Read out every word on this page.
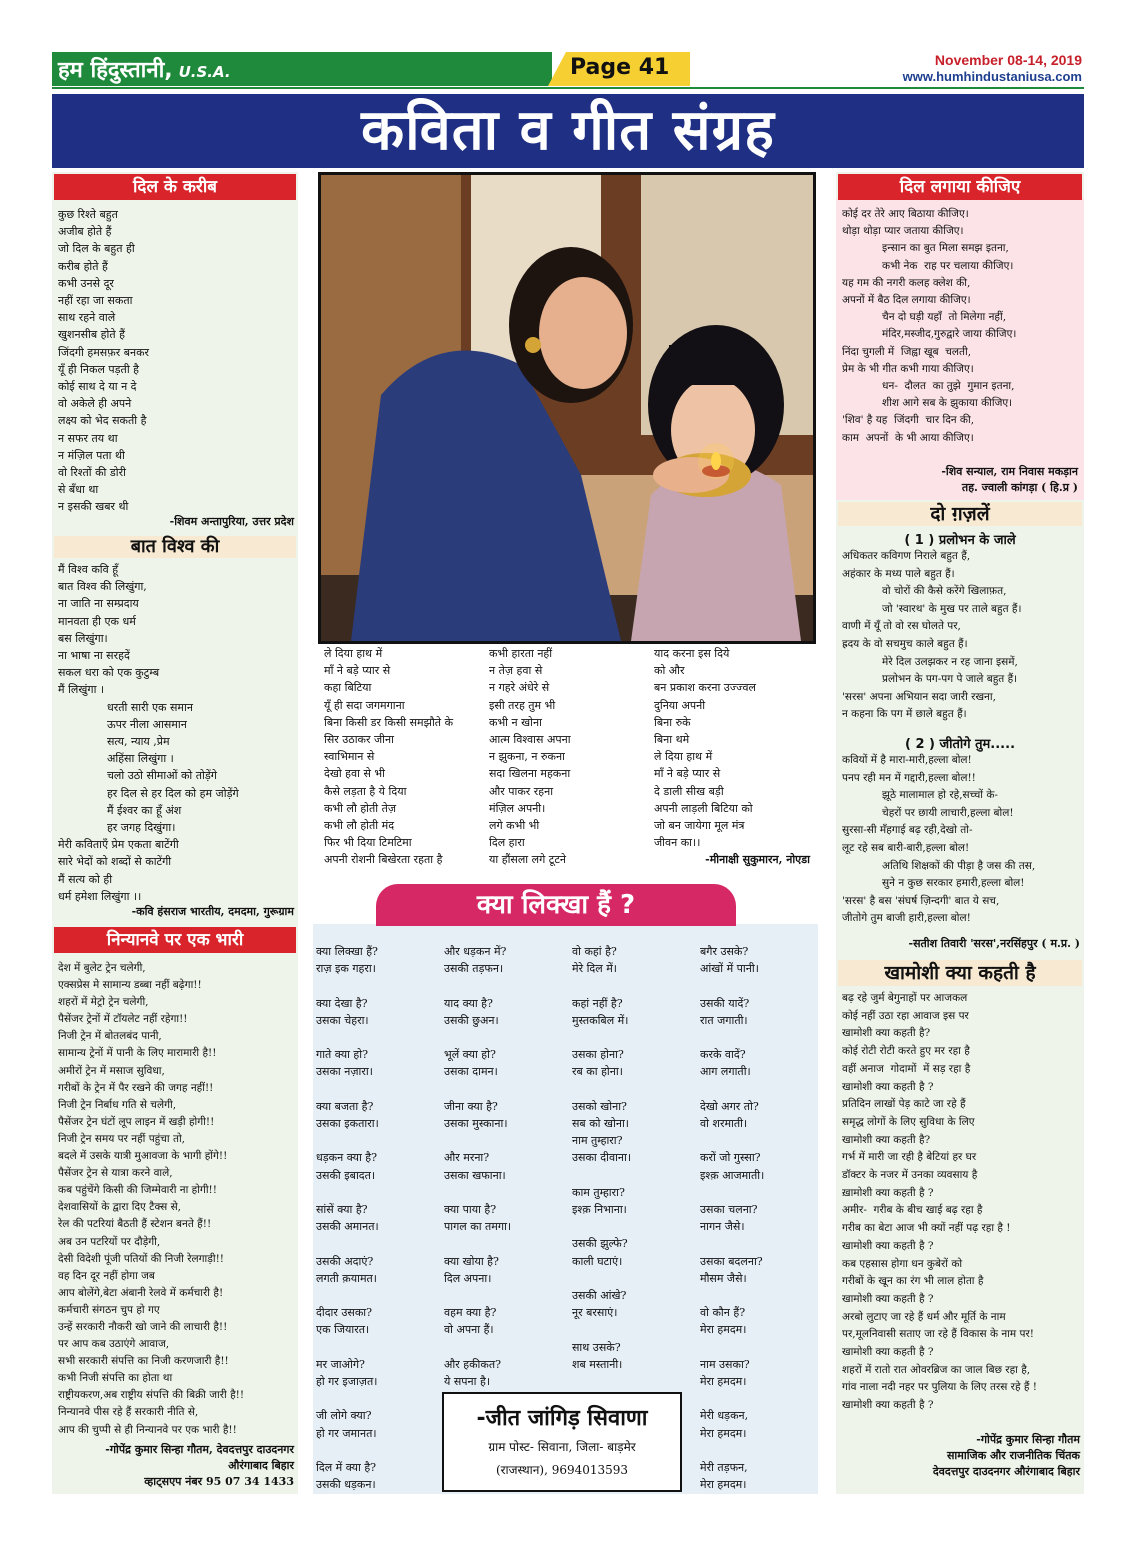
हम हिंदुस्तानी, U.S.A.	Page 41	November 08-14, 2019
www.humhindustaniusa.com
कविता व गीत संग्रह
दिल के करीब
कुछ रिश्ते बहुत
अजीब होते हैं
जो दिल के बहुत ही
करीब होते हैं
कभी उनसे दूर
नहीं रहा जा सकता
साथ रहने वाले
खुशनसीब होते हैं
जिंदगी हमसफ़र बनकर
यूँ ही निकल पड़ती है
कोई साथ दे या न दे
वो अकेले ही अपने
लक्ष्य को भेद सकती है
न सफर तय था
न मंज़िल पता थी
वो रिश्तों की डोरी
से बँधा था
न इसकी खबर थी
-शिवम अन्तापुरिया, उत्तर प्रदेश
बात विश्व की
मैं विश्व कवि हूँ
बात विश्व की लिखुंगा,
ना जाति ना सम्प्रदाय
मानवता ही एक धर्म
बस लिखुंगा।
ना भाषा ना सरहदें
सकल धरा को एक कुटुम्ब
मैं लिखुंगा ।
धरती सारी एक समान
ऊपर नीला आसमान
सत्य, न्याय ,प्रेम
अहिंसा लिखुंगा ।
चलो उठो सीमाओं को तोड़ेंगे
हर दिल से हर दिल को हम जोड़ेंगे
मैं ईश्वर का हूँ अंश
हर जगह दिखुंगा।
मेरी कविताएँ प्रेम एकता बाटेंगी
सारे भेदों को शब्दों से काटेंगी
मैं सत्य को ही
धर्म हमेशा लिखुंगा ।।
-कवि हंसराज भारतीय, दमदमा, गुरूग्राम
निन्यानवे पर एक भारी
देश में बुलेट ट्रेन चलेगी,
एक्सप्रेस मे सामान्य डब्बा नहीं बढ़ेगा!!
शहरों में मेट्रो ट्रेन चलेगी,
पैसेंजर ट्रेनों में टॉयलेट नहीं रहेगा!!
निजी ट्रेन में बोतलबंद पानी,
सामान्य ट्रेनों में पानी के लिए मारामारी है!!
अमीरों ट्रेन में मसाज सुविधा,
गरीबों के ट्रेन में पैर रखने की जगह नहीं!!
निजी ट्रेन निर्बाध गति से चलेगी,
पैसेंजर ट्रेन घंटों लूप लाइन में खड़ी होगी!!
निजी ट्रेन समय पर नहीं पहुंचा तो,
बदले में उसके यात्री मुआवजा के भागी होंगे!!
पैसेंजर ट्रेन से यात्रा करने वाले,
कब पहुंचेंगे किसी की जिम्मेवारी ना होगी!!
देशवासियों के द्वारा दिए टैक्स से,
रेल की पटरियां बैठती हैं स्टेशन बनते हैं!!
अब उन पटरियों पर दौड़ेगी,
देसी विदेशी पूंजी पतियों की निजी रेलगाड़ी!!
वह दिन दूर नहीं होगा जब
आप बोलेंगे,बेटा अंबानी रेलवे में कर्मचारी है!
कर्मचारी संगठन चुप हो गए
उन्हें सरकारी नौकरी खो जाने की लाचारी है!!
पर आप कब उठाएंगे आवाज,
सभी सरकारी संपत्ति का निजी करणजारी है!!
कभी निजी संपत्ति का होता था
राष्ट्रीयकरण,अब राष्ट्रीय संपत्ति की बिक्री जारी है!!
निन्यानवे पीस रहे हैं सरकारी नीति से,
आप की चुप्पी से ही निन्यानवे पर एक भारी है!!
-गोपेंद्र कुमार सिन्हा गौतम, देवदत्तपुर दाउदनगर
औरंगाबाद बिहार
व्हाट्सएप नंबर 95 07 34 1433
ले दिया हाथ में
माँ ने बड़े प्यार से
कहा बिटिया
यूँ ही सदा जगमगाना
बिना किसी डर किसी समझौते के
सिर उठाकर जीना
स्वाभिमान से
देखो हवा से भी
कैसे लड़ता है ये दिया
कभी लौ होती तेज़
कभी लौ होती मंद
फिर भी दिया टिमटिमा
अपनी रोशनी बिखेरता रहता है
कभी हारता नहीं
न तेज़ हवा से
न गहरे अंधेरे से
इसी तरह तुम भी
कभी न खोना
आत्म विश्वास अपना
न झुकना, न रुकना
सदा खिलना महकना
और पाकर रहना
मंज़िल अपनी।
लगे कभी भी
दिल हारा
या हौंसला लगे टूटने
याद करना इस दिये
को और
बन प्रकाश करना उज्ज्वल
दुनिया अपनी
बिना रुके
बिना थमे
ले दिया हाथ में
माँ ने बड़े प्यार से
दे डाली सीख बड़ी
अपनी लाड़ली बिटिया को
जो बन जायेगा मूल मंत्र
जीवन का।।
-मीनाक्षी सुकुमारन, नोएडा
क्या लिक्खा हैं ?
क्या लिक्खा हैं?
राज़ इक गहरा।

क्या देखा है?
उसका चेहरा।

गाते क्या हो?
उसका नज़ारा।

क्या बजता है?
उसका इकतारा।

धड़कन क्या है?
उसकी इबादत।

सांसें क्या है?
उसकी अमानत।

उसकी अदाएं?
लगती क़यामत।

दीदार उसका?
एक जियारत।

मर जाओगे?
हो गर इजाज़त।

जी लोगे क्या?
हो गर जमानत।

दिल में क्या है?
उसकी धड़कन।
और धड़कन में?
उसकी तड़फन।

याद क्या है?
उसकी छुअन।

भूलें क्या हो?
उसका दामन।

जीना क्या है?
उसका मुस्काना।

और मरना?
उसका खफाना।

क्या पाया है?
पागल का तमगा।

क्या खोया है?
दिल अपना।

वहम क्या है?
वो अपना हैं।

और हकीकत?
ये सपना है।
वो कहां है?
मेरे दिल में।

कहां नहीं है?
मुस्तकबिल में।

उसका होना?
रब का होना।

उसको खोना?
सब को खोना।
नाम तुम्हारा?
उसका दीवाना।

काम तुम्हारा?
इश्क़ निभाना।

उसकी झुल्फे?
काली घटाएं।

उसकी आंखे?
नूर बरसाएं।

साथ उसके?
शब मस्तानी।
बगैर उसके?
आंखों में पानी।

उसकी यादें?
रात जगाती।

करके वादें?
आग लगाती।

देखो अगर तो?
वो शरमाती।

करों जो गुस्सा?
इश्क़ आजमाती।

उसका चलना?
नागन जैसे।

उसका बदलना?
मौसम जैसे।

वो कौन हैं?
मेरा हमदम।

नाम उसका?
मेरा हमदम।

मेरी धड़कन,
मेरा हमदम।

मेरी तड़फन,
मेरा हमदम।
-जीत जांगिड़ सिवाणा
ग्राम पोस्ट- सिवाना, जिला- बाड़मेर
(राजस्थान), 9694013593
दिल लगाया कीजिए
कोई दर तेरे आए बिठाया कीजिए।
थोड़ा थोड़ा प्यार जताया कीजिए।
इन्सान का बुत मिला समझ इतना,
कभी नेक  राह पर चलाया कीजिए।
यह गम की नगरी कलह क्लेश की,
अपनों में बैठ दिल लगाया कीजिए।
चैन दो घड़ी यहाँ  तो मिलेगा नहीं,
मंदिर,मस्जीद,गुरुद्वारे जाया कीजिए।
निंदा चुगली में  जिह्वा खूब  चलती,
प्रेम के भी गीत कभी गाया कीजिए।
धन-  दौलत  का तुझे  गुमान इतना,
शीश आगे सब के झुकाया कीजिए।
'शिव' है यह  जिंदगी  चार दिन की,
काम  अपनों  के भी आया कीजिए।
-शिव सन्याल, राम निवास मकड़ान
तह. ज्वाली कांगड़ा ( हि.प्र )
दो ग़ज़लें
( 1 ) प्रलोभन के जाले
अधिकतर कविगण निराले बहुत हैं,
अहंकार के मध्य पाले बहुत हैं।
वो चोरों की कैसे करेंगे खिलाफ़त,
जो 'स्वारथ' के मुख पर ताले बहुत हैं।
वाणी में यूँ तो वो रस घोलते पर,
ह्रदय के वो सचमुच काले बहुत हैं।
मेरे दिल उलझकर न रह जाना इसमें,
प्रलोभन के पग-पग पे जाले बहुत हैं।
'सरस' अपना अभियान सदा जारी रखना,
न कहना कि पग में छाले बहुत हैं।
( 2 ) जीतोगे तुम.....
कवियों में है मारा-मारी,हल्ला बोल!
पनप रही मन में गद्दारी,हल्ला बोल!!
झूठे मालामाल हो रहे,सच्चों के-
चेहरों पर छायी लाचारी,हल्ला बोल!
सुरसा-सी मँहगाई बढ़ रही,देखो तो-
लूट रहे सब बारी-बारी,हल्ला बोल!
अतिथि शिक्षकों की पीड़ा है जस की तस,
सुने न कुछ सरकार हमारी,हल्ला बोल!
'सरस' है बस 'संघर्ष ज़िन्दगी' बात ये सच,
जीतोगे तुम बाजी हारी,हल्ला बोल!
-सतीश तिवारी 'सरस',नरसिंहपुर ( म.प्र. )
खामोशी क्या कहती है
बढ़ रहे जुर्म बेगुनाहों पर आजकल
कोई नहीं उठा रहा आवाज इस पर
खामोशी क्या कहती है?
कोई रोटी रोटी करते हुए मर रहा है
वहीं अनाज  गोदामों  में सड़ रहा है
खामोशी क्या कहती है ?
प्रतिदिन लाखों पेड़ काटे जा रहे हैं
समृद्ध लोगों के लिए सुविधा के लिए
खामोशी क्या कहती है?
गर्भ में मारी जा रही है बेटियां हर घर
डॉक्टर के नजर में उनका व्यवसाय है
ख़ामोशी क्या कहती है ?
अमीर-  गरीब के बीच खाई बढ़ रहा है
गरीब का बेटा आज भी क्यों नहीं पढ़ रहा है !
खामोशी क्या कहती है ?
कब एहसास होगा धन कुबेरों को
गरीबों के खून का रंग भी लाल होता है
खामोशी क्या कहती है ?
अरबो लुटाए जा रहे हैं धर्म और मूर्ति के नाम
पर,मूलनिवासी सताए जा रहे हैं विकास के नाम पर!
खामोशी क्या कहती है ?
शहरों में रातो रात ओवरब्रिज का जाल बिछ रहा है,
गांव नाला नदी नहर पर पुलिया के लिए तरस रहे हैं !
खामोशी क्या कहती है ?
-गोपेंद्र कुमार सिन्हा गौतम
सामाजिक और राजनीतिक चिंतक
देवदत्तपुर दाउदनगर औरंगाबाद बिहार
